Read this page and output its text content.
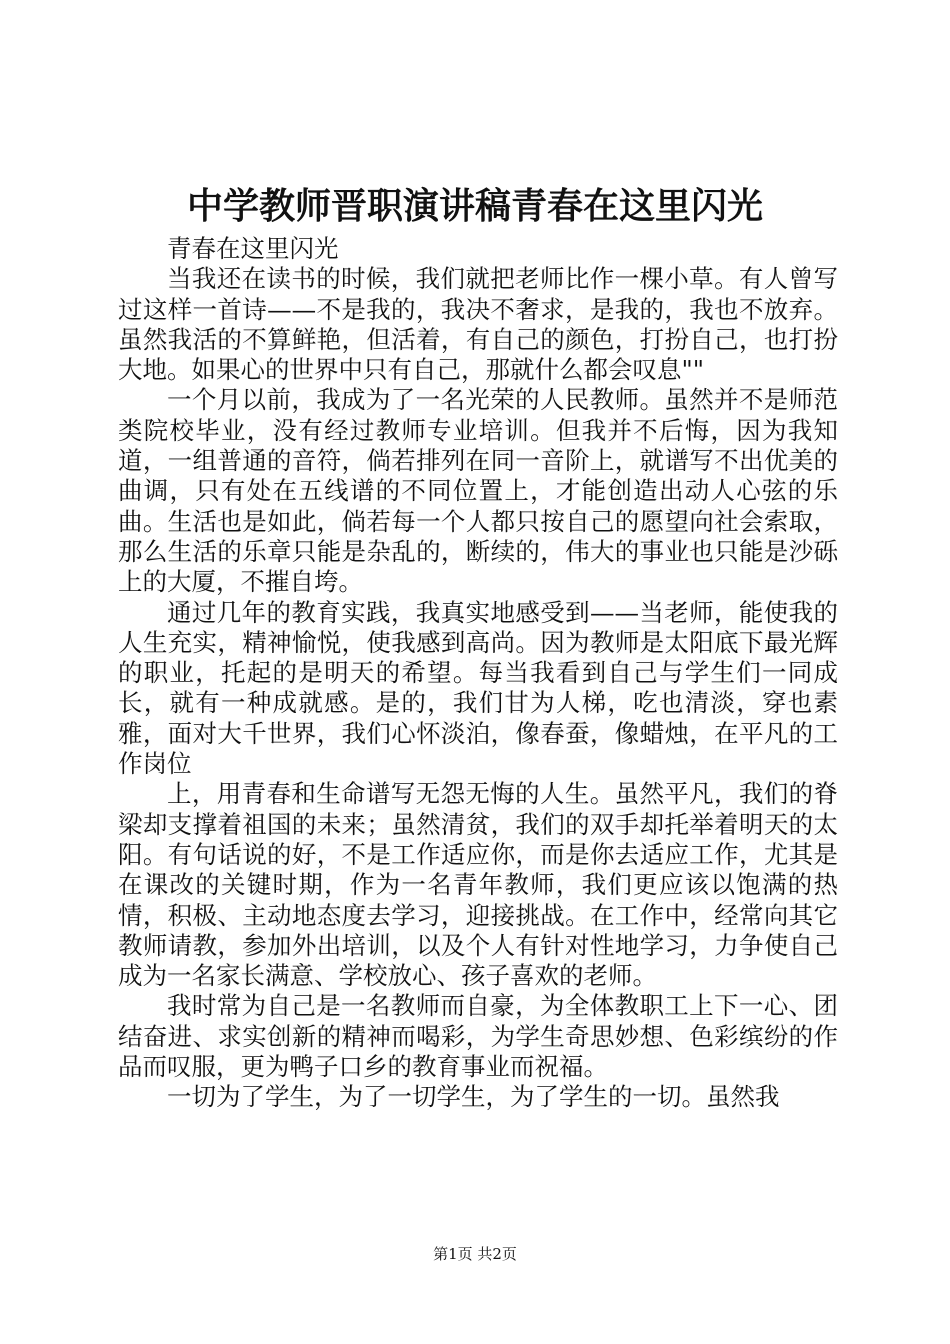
中学教师晋职演讲稿青春在这里闪光

青春在这里闪光

当我还在读书的时候，我们就把老师比作一棵小草。有人曾写过这样一首诗——不是我的，我决不奢求，是我的，我也不放弃。虽然我活的不算鲜艳，但活着，有自己的颜色，打扮自己，也打扮大地。如果心的世界中只有自己，那就什么都会叹息""

一个月以前，我成为了一名光荣的人民教师。虽然并不是师范类院校毕业，没有经过教师专业培训。但我并不后悔，因为我知道，一组普通的音符，倘若排列在同一音阶上，就谱写不出优美的曲调，只有处在五线谱的不同位置上，才能创造出动人心弦的乐曲。生活也是如此，倘若每一个人都只按自己的愿望向社会索取，那么生活的乐章只能是杂乱的，断续的，伟大的事业也只能是沙砾上的大厦，不摧自垮。

通过几年的教育实践，我真实地感受到——当老师，能使我的人生充实，精神愉悦，使我感到高尚。因为教师是太阳底下最光辉的职业，托起的是明天的希望。每当我看到自己与学生们一同成长，就有一种成就感。是的，我们甘为人梯，吃也清淡，穿也素雅，面对大千世界，我们心怀淡泊，像春蚕，像蜡烛，在平凡的工作岗位

上，用青春和生命谱写无怨无悔的人生。虽然平凡，我们的脊梁却支撑着祖国的未来；虽然清贫，我们的双手却托举着明天的太阳。有句话说的好，不是工作适应你，而是你去适应工作，尤其是在课改的关键时期，作为一名青年教师，我们更应该以饱满的热情，积极、主动地态度去学习，迎接挑战。在工作中，经常向其它教师请教，参加外出培训，以及个人有针对性地学习，力争使自己成为一名家长满意、学校放心、孩子喜欢的老师。

我时常为自己是一名教师而自豪，为全体教职工上下一心、团结奋进、求实创新的精神而喝彩，为学生奇思妙想、色彩缤纷的作品而叹服，更为鸭子口乡的教育事业而祝福。

一切为了学生，为了一切学生，为了学生的一切。虽然我

第1页 共2页
